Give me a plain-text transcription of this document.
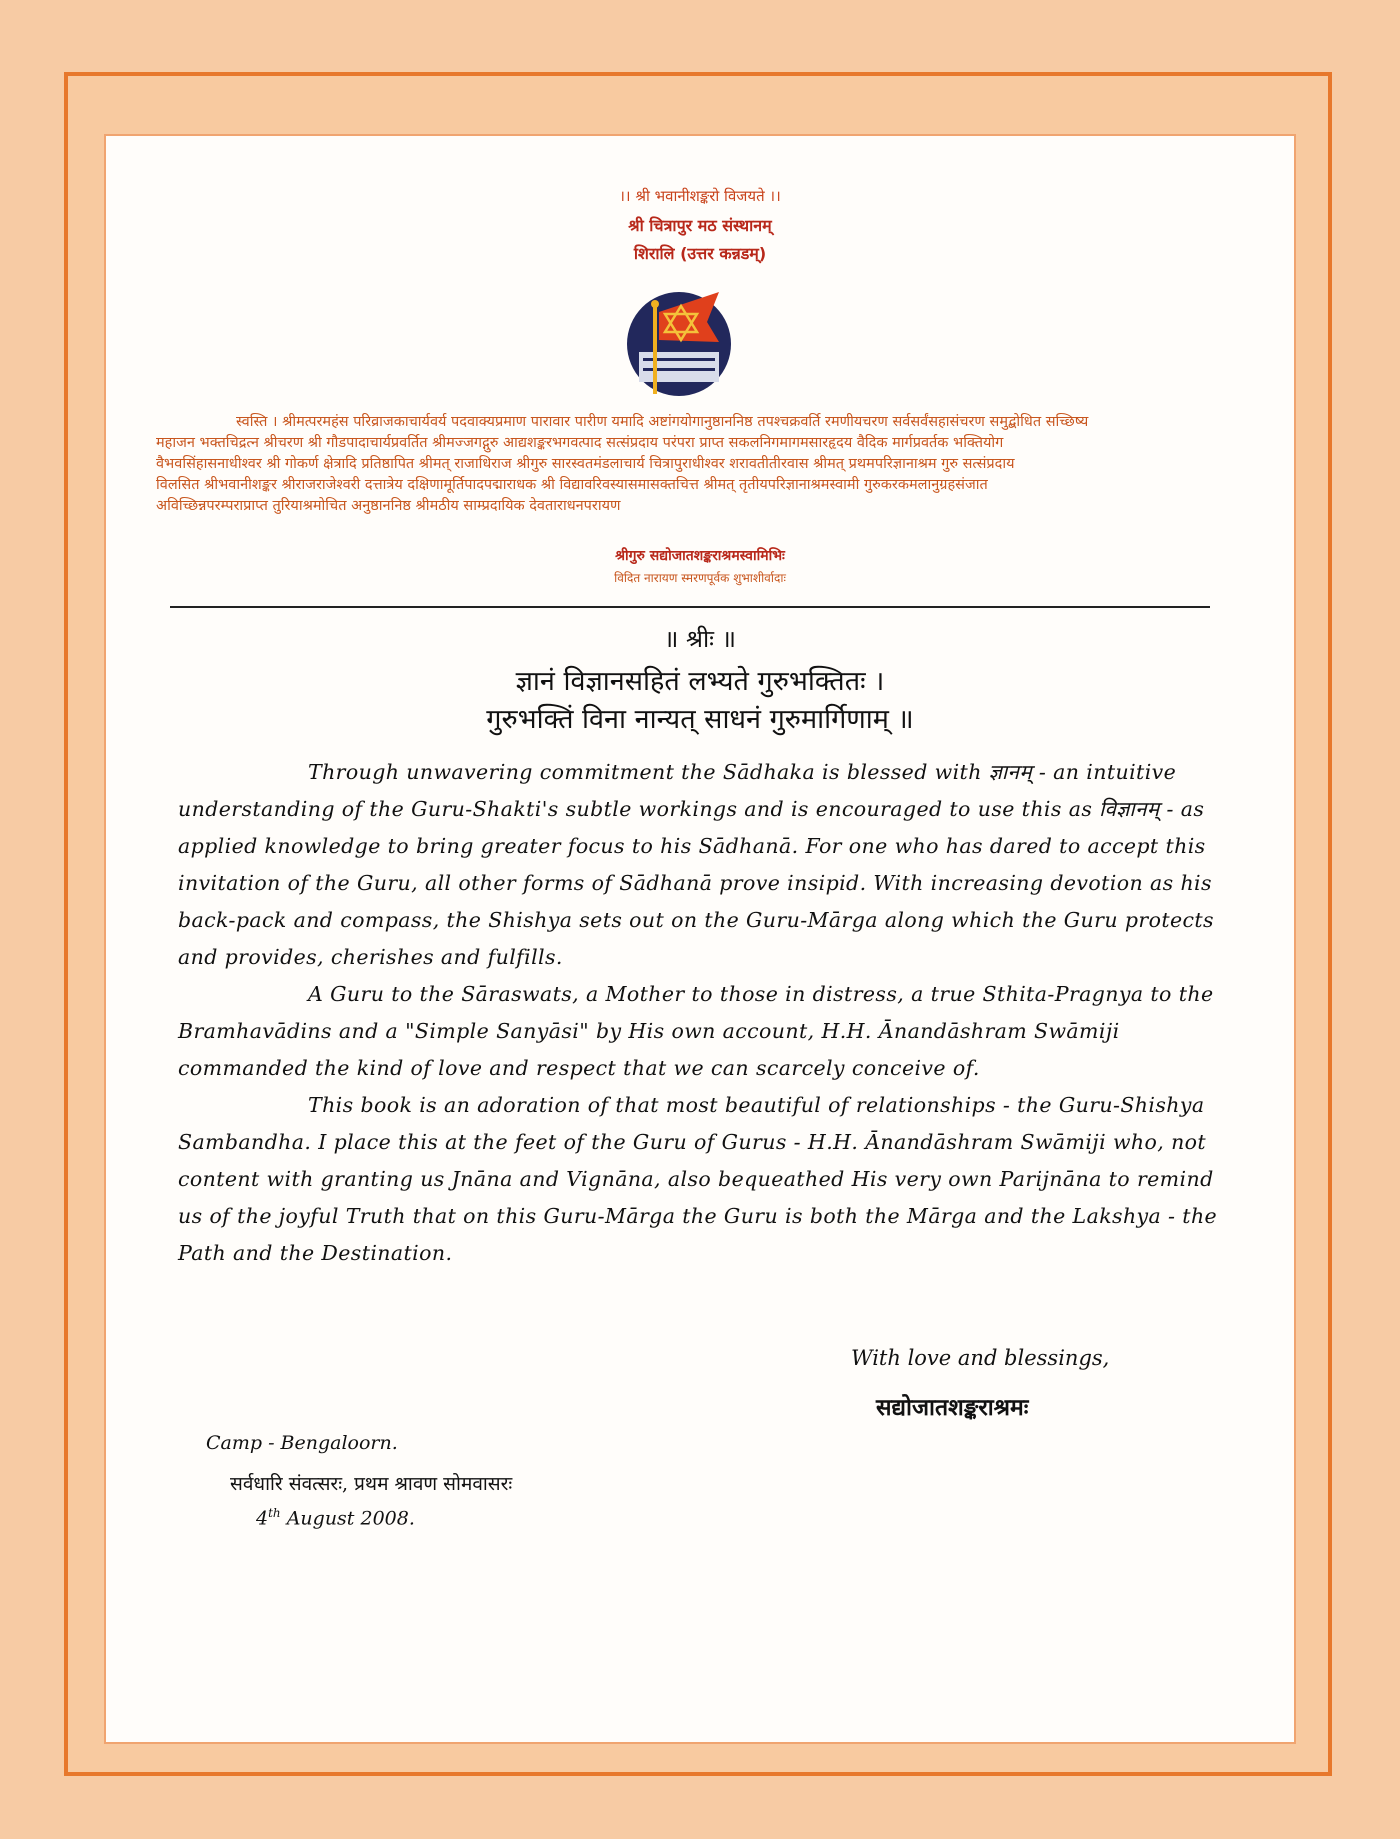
।। श्री भवानीशङ्करो विजयते ।।

श्री चित्रापुर मठ संस्थानम्

शिरालि (उत्तर कन्नडम्)

स्वस्ति । श्रीमत्परमहंस परिव्राजकाचार्यवर्य पदवाक्यप्रमाण पारावार पारीण यमादि अष्टांगयोगानुष्ठाननिष्ठ तपश्चक्रवर्ति रमणीयचरण सर्वसर्वंसहासंचरण समुद्बोधित सच्छिष्य

महाजन भक्तचिद्रत्न श्रीचरण श्री गौडपादाचार्यप्रवर्तित श्रीमज्जगद्गुरु आद्यशङ्करभगवत्पाद सत्संप्रदाय परंपरा प्राप्त सकलनिगमागमसारहृदय वैदिक मार्गप्रवर्तक भक्तियोग

वैभवसिंहासनाधीश्वर श्री गोकर्ण क्षेत्रादि प्रतिष्ठापित श्रीमत् राजाधिराज श्रीगुरु सारस्वतमंडलाचार्य चित्रापुराधीश्वर शरावतीतीरवास श्रीमत् प्रथमपरिज्ञानाश्रम गुरु सत्संप्रदाय

विलसित श्रीभवानीशङ्कर श्रीराजराजेश्वरी दत्तात्रेय दक्षिणामूर्तिपादपद्माराधक श्री विद्यावरिवस्यासमासक्तचित्त श्रीमत् तृतीयपरिज्ञानाश्रमस्वामी गुरुकरकमलानुग्रहसंजात

अविच्छिन्नपरम्पराप्राप्त तुरियाश्रमोचित अनुष्ठाननिष्ठ श्रीमठीय साम्प्रदायिक देवताराधनपरायण

श्रीगुरु सद्योजातशङ्कराश्रमस्वामिभिः

विदित नारायण स्मरणपूर्वक शुभाशीर्वादाः

॥ श्रीः ॥

ज्ञानं विज्ञानसहितं लभ्यते गुरुभक्तितः ।

गुरुभक्तिं विना नान्यत् साधनं गुरुमार्गिणाम् ॥

Through unwavering commitment the Sādhaka is blessed with ज्ञानम् - an intuitive understanding of the Guru-Shakti's subtle workings and is encouraged to use this as विज्ञानम् - as applied knowledge to bring greater focus to his Sādhanā. For one who has dared to accept this invitation of the Guru, all other forms of Sādhanā prove insipid. With increasing devotion as his back-pack and compass, the Shishya sets out on the Guru-Mārga along which the Guru protects and provides, cherishes and fulfills.

A Guru to the Sāraswats, a Mother to those in distress, a true Sthita-Pragnya to the Bramhavādins and a "Simple Sanyāsi" by His own account, H.H. Ānandāshram Swāmiji commanded the kind of love and respect that we can scarcely conceive of.

This book is an adoration of that most beautiful of relationships - the Guru-Shishya Sambandha. I place this at the feet of the Guru of Gurus - H.H. Ānandāshram Swāmiji who, not content with granting us Jnāna and Vignāna, also bequeathed His very own Parijnāna to remind us of the joyful Truth that on this Guru-Mārga the Guru is both the Mārga and the Lakshya - the Path and the Destination.

With love and blessings,
सद्योजातशङ्कराश्रमः
Camp - Bengaloorn.
सर्वधारि संवत्सरः, प्रथम श्रावण सोमवासरः
4th August 2008.
